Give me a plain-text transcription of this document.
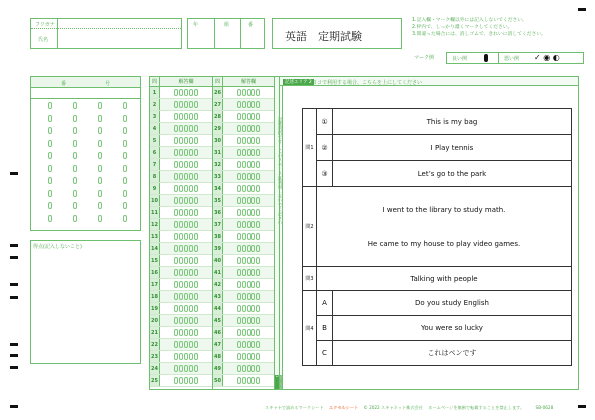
フリガナ
氏名
年	組	番
英語　定期試験
1.記入欄・マーク欄以外には記入しないでください。
2.枠内で、しっかり濃くマークしてください。
3.間違った場合には、消しゴムで、きれいに消してください。
マーク例	良い例	悪い例 ✓ ◉ ◐
番	号
得点(記入しないこと)
問	解答欄
1
2
3
4
5
6
7
8
9
10
11
12
13
14
15
16
17
18
19
20
21
22
23
24
25
問	解答欄
26
27
28
29
30
31
32
33
34
35
36
37
38
39
40
41
42
43
44
45
46
47
48
49
50
記述用紙です　このスペースは利用しないでください
採点用紙 1
記述エリア 2 ヨコで利用する場合、こちらを上にしてください
問1	①	This is my bag
	②	I Play tennis
	③	Let’s go to the park
問2	I went to the library to study math.
He came to my house to play video games.	

問3	Talking with people	
問4	A	Do you study English
	B	You were so lucky
	C	これはペンです
スキャナで読めるマークシート エクセルシート © 2022 スキャネット株式会社 ホームページを無断で転載することを禁止します。	SB-0628
